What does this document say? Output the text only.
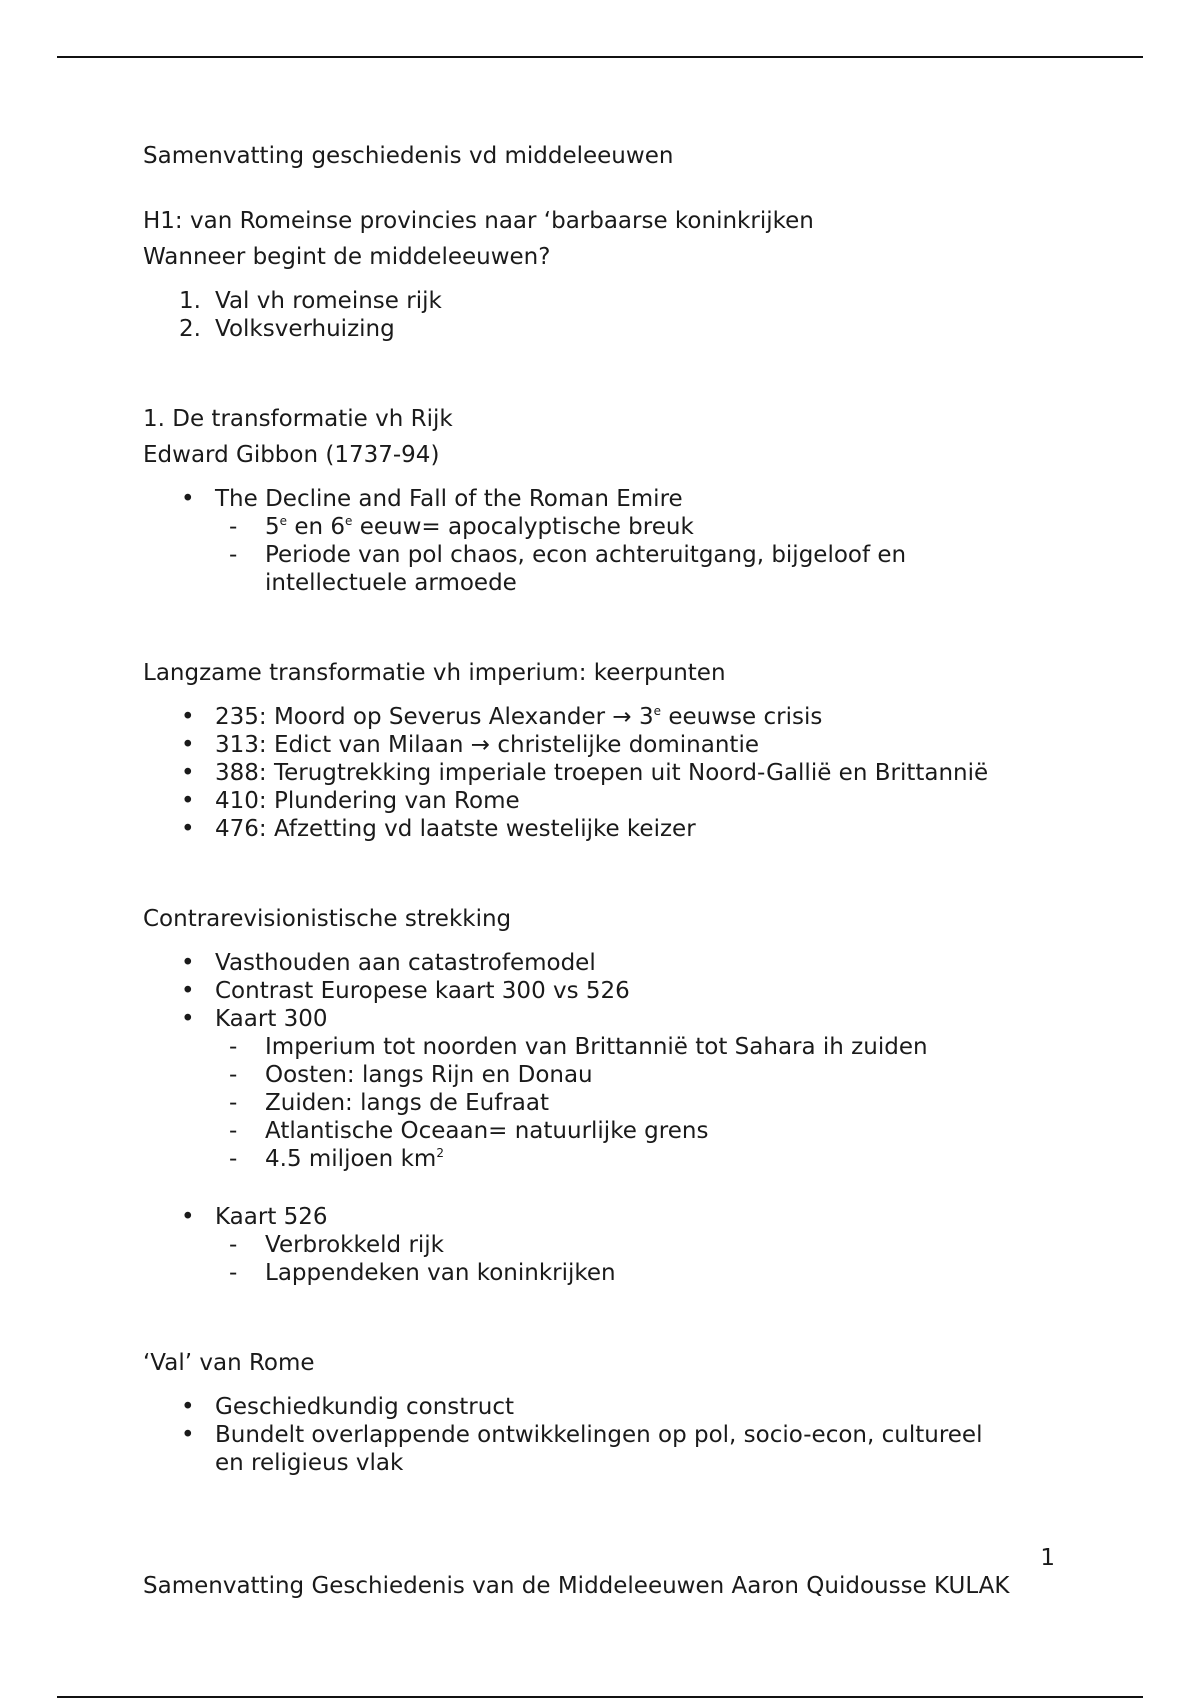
Samenvatting geschiedenis vd middeleeuwen
H1: van Romeinse provincies naar ‘barbaarse koninkrijken
Wanneer begint de middeleeuwen?
1. Val vh romeinse rijk
2. Volksverhuizing
1. De transformatie vh Rijk
Edward Gibbon (1737-94)
• The Decline and Fall of the Roman Emire
-	5e en 6e eeuw= apocalyptische breuk
-	Periode van pol chaos, econ achteruitgang, bijgeloof en intellectuele armoede
Langzame transformatie vh imperium: keerpunten
• 235: Moord op Severus Alexander → $3^e$ eeuwse crisis
• 313: Edict van Milaan → christelijke dominantie
• 388: Terugtrekking imperiale troepen uit Noord-Gallië en Brittannië
• 410: Plundering van Rome
• 476: Afzetting vd laatste westelijke keizer
Contrarevisionistische strekking
• Vasthouden aan catastrofemodel
• Contrast Europese kaart 300 vs 526
• Kaart 300
-	Imperium tot noorden van Brittannië tot Sahara ih zuiden
-	Oosten: langs Rijn en Donau
-	Zuiden: langs de Eufraat
-	Atlantische Oceaan= natuurlijke grens
-	4.5 miljoen $km^2$
• Kaart 526
-	Verbrokkeld rijk
-	Lappendeken van koninkrijken
‘Val’ van Rome
• Geschiedkundig construct
• Bundelt overlappende ontwikkelingen op pol, socio-econ, cultureel en religieus vlak
1
Samenvatting Geschiedenis van de Middeleeuwen Aaron Quidousse KULAK
